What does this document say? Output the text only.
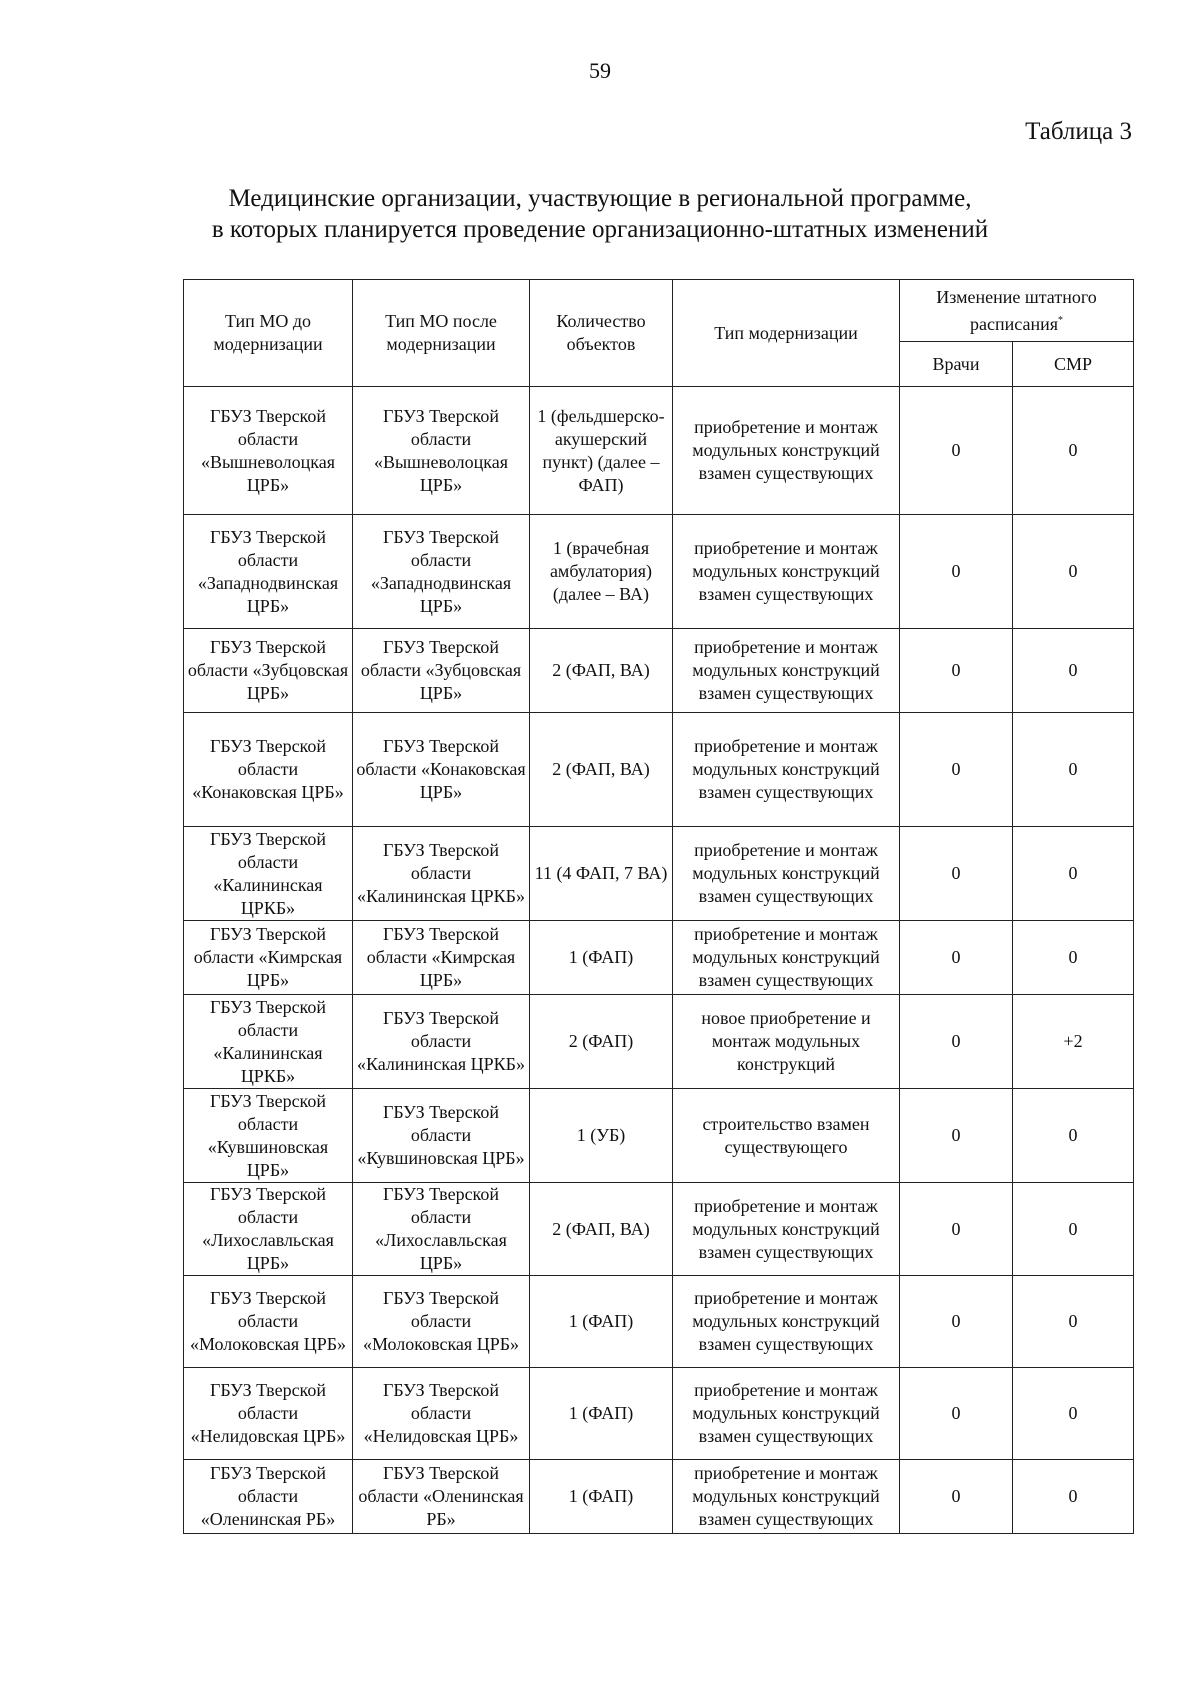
59
Таблица 3
Медицинские организации, участвующие в региональной программе,
в которых планируется проведение организационно-штатных изменений
Тип МО до модернизации	Тип МО после модернизации	Количество объектов	Тип модернизации	Изменение штатного расписания*
				Врачи	СМР
ГБУЗ Тверской области «Вышневолоцкая ЦРБ»	ГБУЗ Тверской области «Вышневолоцкая ЦРБ»	1 (фельдшерско-акушерский пункт) (далее – ФАП)	приобретение и монтаж модульных конструкций взамен существующих	0	0
ГБУЗ Тверской области «Западнодвинская ЦРБ»	ГБУЗ Тверской области «Западнодвинская ЦРБ»	1 (врачебная амбулатория) (далее – ВА)	приобретение и монтаж модульных конструкций взамен существующих	0	0
ГБУЗ Тверской области «Зубцовская ЦРБ»	ГБУЗ Тверской области «Зубцовская ЦРБ»	2 (ФАП, ВА)	приобретение и монтаж модульных конструкций взамен существующих	0	0
ГБУЗ Тверской области «Конаковская ЦРБ»	ГБУЗ Тверской области «Конаковская ЦРБ»	2 (ФАП, ВА)	приобретение и монтаж модульных конструкций взамен существующих	0	0
ГБУЗ Тверской области «Калининская ЦРКБ»	ГБУЗ Тверской области «Калининская ЦРКБ»	11 (4 ФАП, 7 ВА)	приобретение и монтаж модульных конструкций взамен существующих	0	0
ГБУЗ Тверской области «Кимрская ЦРБ»	ГБУЗ Тверской области «Кимрская ЦРБ»	1 (ФАП)	приобретение и монтаж модульных конструкций взамен существующих	0	0
ГБУЗ Тверской области «Калининская ЦРКБ»	ГБУЗ Тверской области «Калининская ЦРКБ»	2 (ФАП)	новое приобретение и монтаж модульных конструкций	0	+2
ГБУЗ Тверской области «Кувшиновская ЦРБ»	ГБУЗ Тверской области «Кувшиновская ЦРБ»	1 (УБ)	строительство взамен существующего	0	0
ГБУЗ Тверской области «Лихославльская ЦРБ»	ГБУЗ Тверской области «Лихославльская ЦРБ»	2 (ФАП, ВА)	приобретение и монтаж модульных конструкций взамен существующих	0	0
ГБУЗ Тверской области «Молоковская ЦРБ»	ГБУЗ Тверской области «Молоковская ЦРБ»	1 (ФАП)	приобретение и монтаж модульных конструкций взамен существующих	0	0
ГБУЗ Тверской области «Нелидовская ЦРБ»	ГБУЗ Тверской области «Нелидовская ЦРБ»	1 (ФАП)	приобретение и монтаж модульных конструкций взамен существующих	0	0
ГБУЗ Тверской области «Оленинская РБ»	ГБУЗ Тверской области «Оленинская РБ»	1 (ФАП)	приобретение и монтаж модульных конструкций взамен существующих	0	0
